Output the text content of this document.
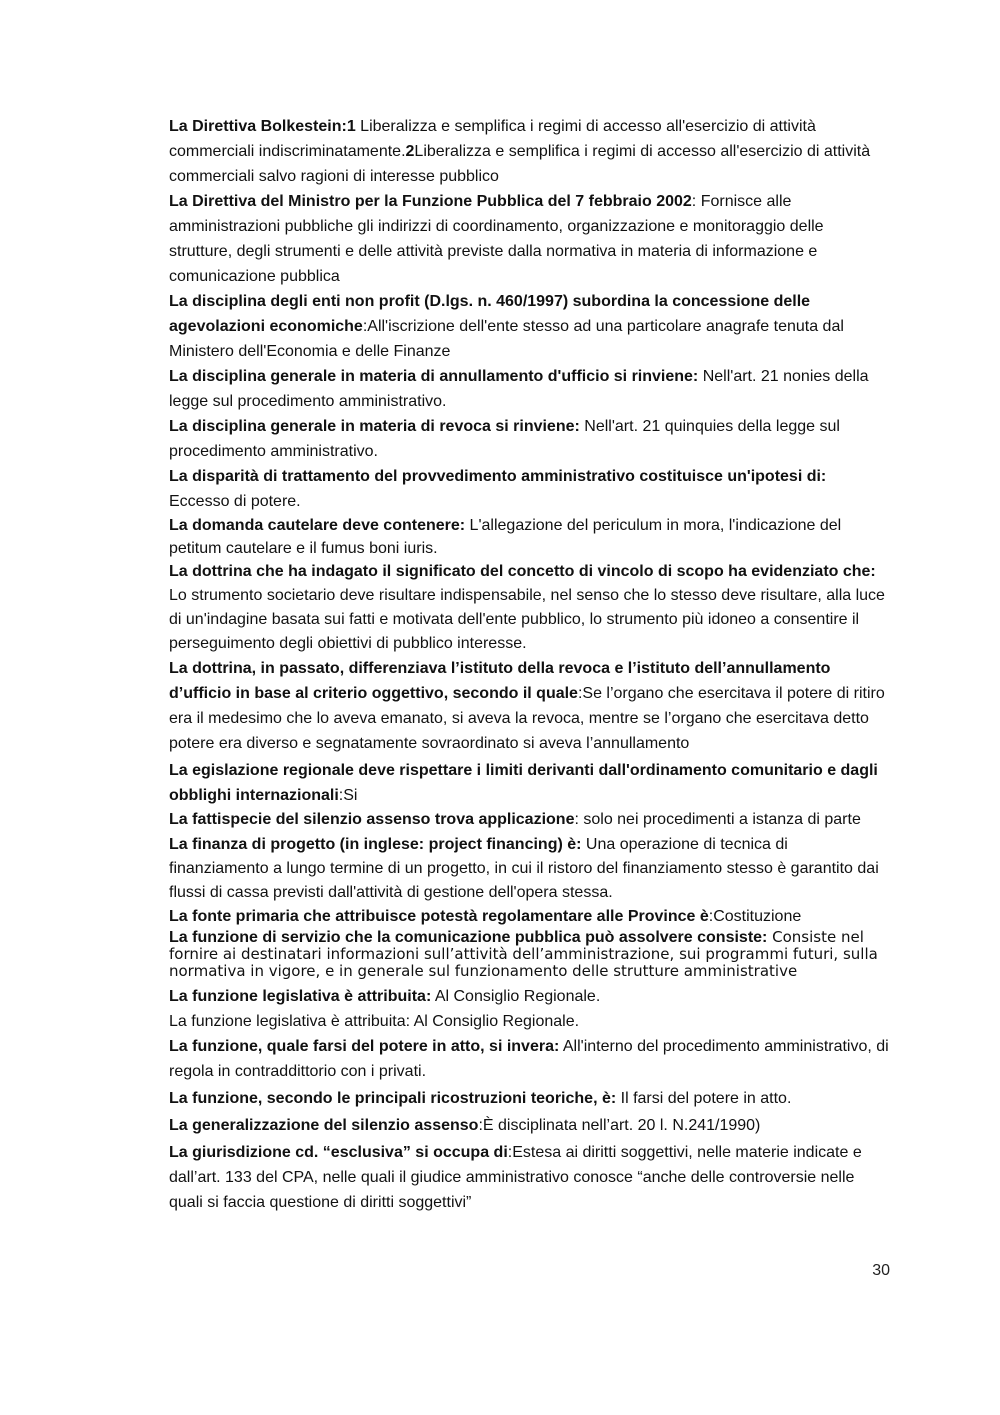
La Direttiva Bolkestein:1 Liberalizza e semplifica i regimi di accesso all'esercizio di attività commerciali indiscriminatamente.2Liberalizza e semplifica i regimi di accesso all'esercizio di attività commerciali salvo ragioni di interesse pubblico

La Direttiva del Ministro per la Funzione Pubblica del 7 febbraio 2002: Fornisce alle amministrazioni pubbliche gli indirizzi di coordinamento, organizzazione e monitoraggio delle strutture, degli strumenti e delle attività previste dalla normativa in materia di informazione e comunicazione pubblica

La disciplina degli enti non profit (D.lgs. n. 460/1997) subordina la concessione delle agevolazioni economiche:All'iscrizione dell'ente stesso ad una particolare anagrafe tenuta dal Ministero dell'Economia e delle Finanze

La disciplina generale in materia di annullamento d'ufficio si rinviene: Nell'art. 21 nonies della legge sul procedimento amministrativo.

La disciplina generale in materia di revoca si rinviene: Nell'art. 21 quinquies della legge sul procedimento amministrativo.

La disparità di trattamento del provvedimento amministrativo costituisce un'ipotesi di: Eccesso di potere.

La domanda cautelare deve contenere: L'allegazione del periculum in mora, l'indicazione del petitum cautelare e il fumus boni iuris.

La dottrina che ha indagato il significato del concetto di vincolo di scopo ha evidenziato che: Lo strumento societario deve risultare indispensabile, nel senso che lo stesso deve risultare, alla luce di un'indagine basata sui fatti e motivata dell'ente pubblico, lo strumento più idoneo a consentire il perseguimento degli obiettivi di pubblico interesse.

La dottrina, in passato, differenziava l’istituto della revoca e l’istituto dell’annullamento d’ufficio in base al criterio oggettivo, secondo il quale:Se l’organo che esercitava il potere di ritiro era il medesimo che lo aveva emanato, si aveva la revoca, mentre se l’organo che esercitava detto potere era diverso e segnatamente sovraordinato si aveva l’annullamento

La egislazione regionale deve rispettare i limiti derivanti dall'ordinamento comunitario e dagli obblighi internazionali:Si

La fattispecie del silenzio assenso trova applicazione: solo nei procedimenti a istanza di parte

La finanza di progetto (in inglese: project financing) è: Una operazione di tecnica di finanziamento a lungo termine di un progetto, in cui il ristoro del finanziamento stesso è garantito dai flussi di cassa previsti dall'attività di gestione dell'opera stessa.

La fonte primaria che attribuisce potestà regolamentare alle Province è:Costituzione

La funzione di servizio che la comunicazione pubblica può assolvere consiste: Consiste nel fornire ai destinatari informazioni sull’attività dell’amministrazione, sui programmi futuri, sulla normativa in vigore, e in generale sul funzionamento delle strutture amministrative

La funzione legislativa è attribuita: Al Consiglio Regionale.

La funzione legislativa è attribuita: Al Consiglio Regionale.

La funzione, quale farsi del potere in atto, si invera: All'interno del procedimento amministrativo, di regola in contraddittorio con i privati.

La funzione, secondo le principali ricostruzioni teoriche, è: Il farsi del potere in atto.

La generalizzazione del silenzio assenso:È disciplinata nell’art. 20 l. N.241/1990)

La giurisdizione cd. “esclusiva” si occupa di:Estesa ai diritti soggettivi, nelle materie indicate e dall’art. 133 del CPA, nelle quali il giudice amministrativo conosce “anche delle controversie nelle quali si faccia questione di diritti soggettivi”

30
